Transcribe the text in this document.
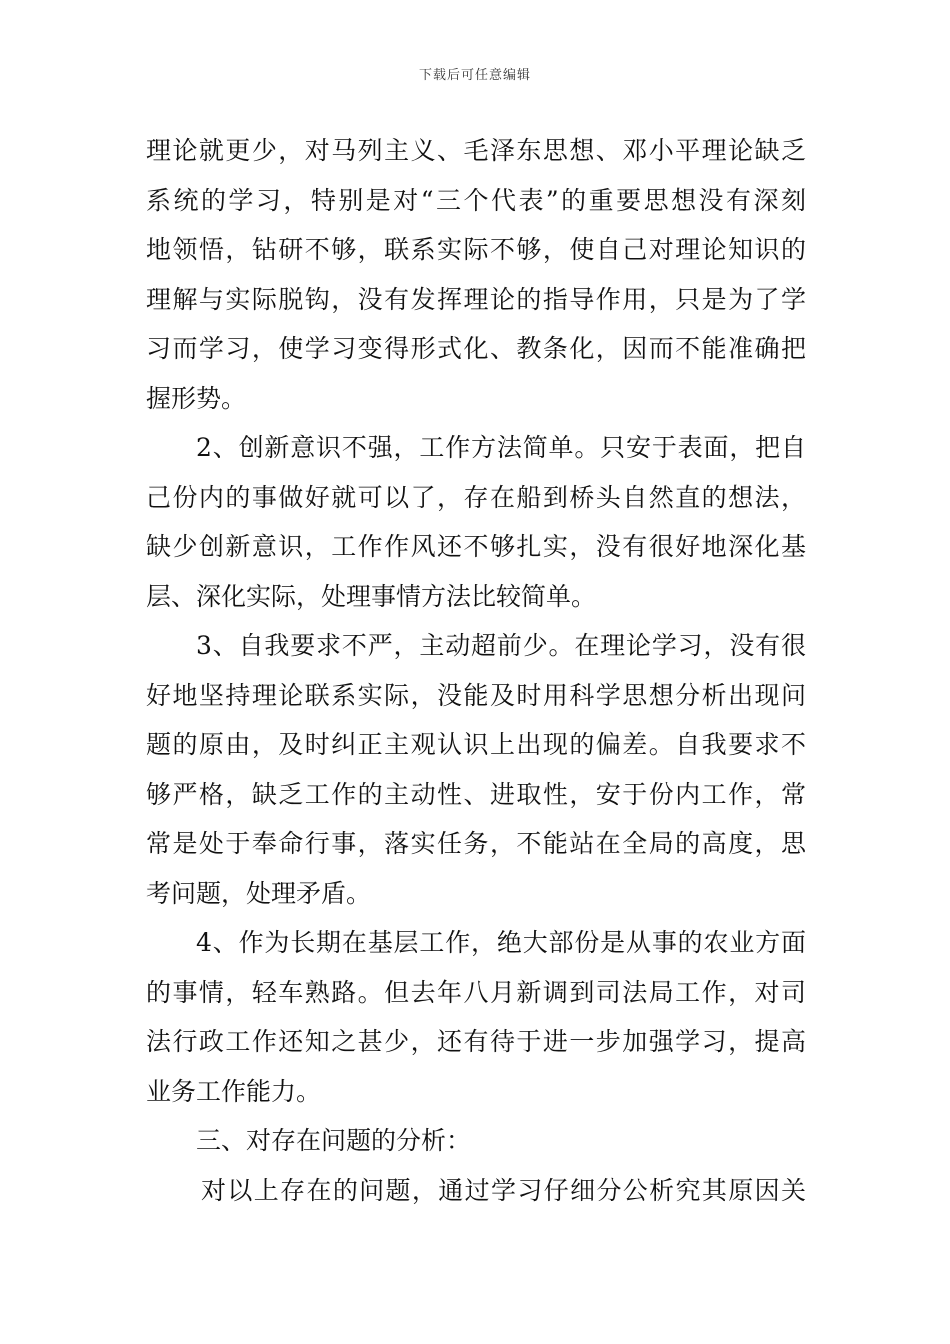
下载后可任意编辑
理论就更少，对马列主义、毛泽东思想、邓小平理论缺乏
系统的学习，特别是对“三个代表”的重要思想没有深刻
地领悟，钻研不够，联系实际不够，使自己对理论知识的
理解与实际脱钩，没有发挥理论的指导作用，只是为了学
习而学习，使学习变得形式化、教条化，因而不能准确把
握形势。
2、创新意识不强，工作方法简单。只安于表面，把自
己份内的事做好就可以了，存在船到桥头自然直的想法，
缺少创新意识，工作作风还不够扎实，没有很好地深化基
层、深化实际，处理事情方法比较简单。
3、自我要求不严，主动超前少。在理论学习，没有很
好地坚持理论联系实际，没能及时用科学思想分析出现问
题的原由，及时纠正主观认识上出现的偏差。自我要求不
够严格，缺乏工作的主动性、进取性，安于份内工作，常
常是处于奉命行事，落实任务，不能站在全局的高度，思
考问题，处理矛盾。
4、作为长期在基层工作，绝大部份是从事的农业方面
的事情，轻车熟路。但去年八月新调到司法局工作，对司
法行政工作还知之甚少，还有待于进一步加强学习，提高
业务工作能力。
三、对存在问题的分析：
对以上存在的问题，通过学习仔细分公析究其原因关
